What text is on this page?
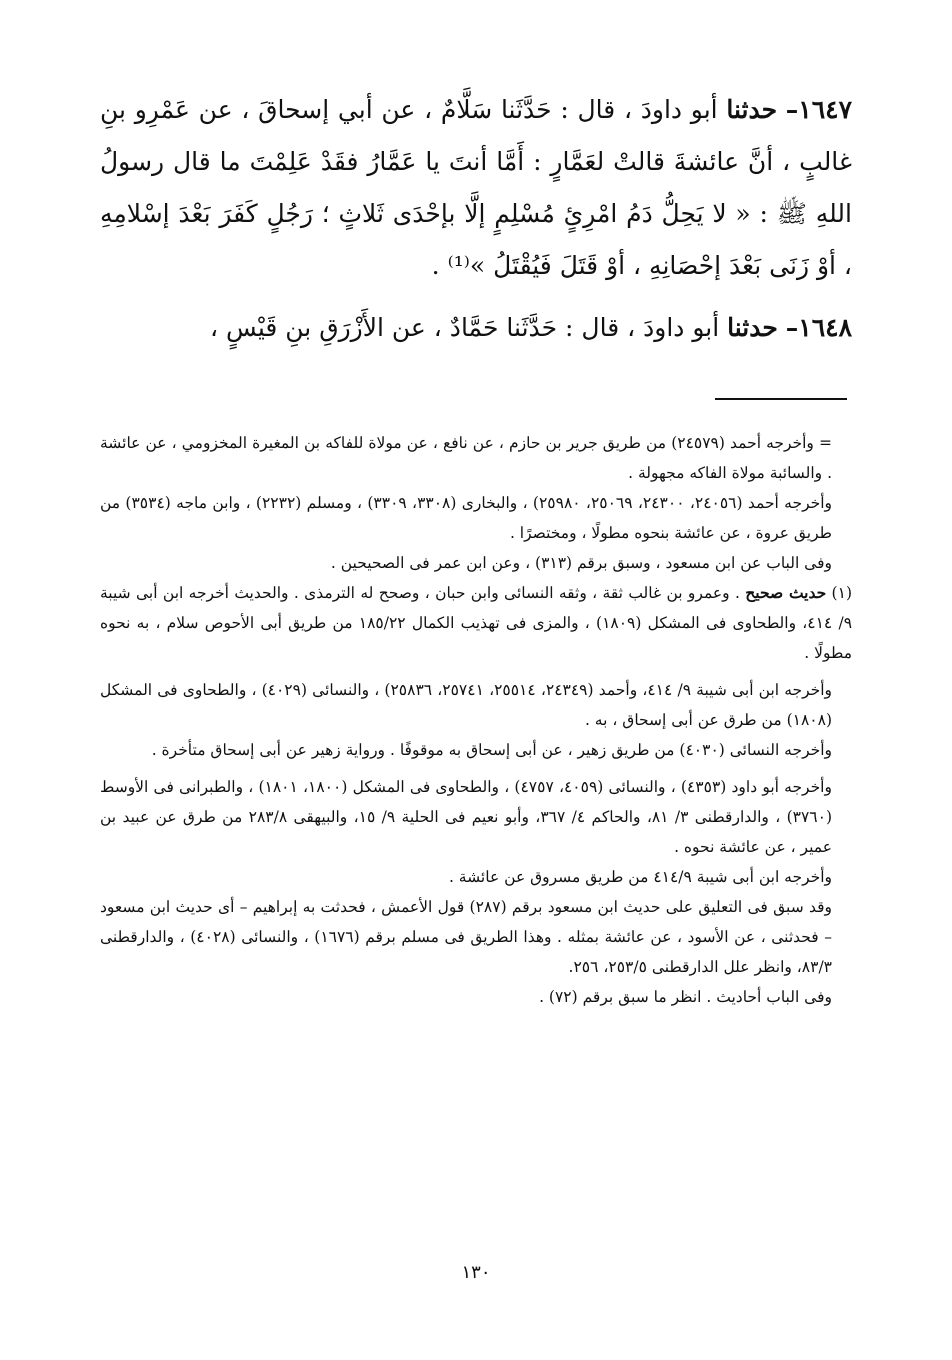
١٦٤٧– حدثنا أبو داودَ ، قال : حَدَّثَنا سَلَّامٌ ، عن أبي إسحاقَ ، عن عَمْرِو بنِ غالبٍ ، أنَّ عائشةَ قالتْ لعَمَّارٍ : أَمَّا أنتَ يا عَمَّارُ فقَدْ عَلِمْتَ ما قال رسولُ اللهِ ﷺ : « لا يَحِلُّ دَمُ امْرِئٍ مُسْلِمٍ إلَّا بإحْدَى ثَلاثٍ ؛ رَجُلٍ كَفَرَ بَعْدَ إسْلامِهِ ، أوْ زَنَى بَعْدَ إحْصَانِهِ ، أوْ قَتَلَ فَيُقْتَلُ »⁽¹⁾ .

١٦٤٨– حدثنا أبو داودَ ، قال : حَدَّثَنا حَمَّادٌ ، عن الأَزْرَقِ بنِ قَيْسٍ ،

= وأخرجه أحمد (٢٤٥٧٩) من طريق جرير بن حازم ، عن نافع ، عن مولاة للفاكه بن المغيرة المخزومي ، عن عائشة . والسائبة مولاة الفاكه مجهولة .

وأخرجه أحمد (٢٤٠٥٦، ٢٤٣٠٠، ٢٥٠٦٩، ٢٥٩٨٠) ، والبخارى (٣٣٠٨، ٣٣٠٩) ، ومسلم (٢٢٣٢) ، وابن ماجه (٣٥٣٤) من طريق عروة ، عن عائشة بنحوه مطولًا ، ومختصرًا .

وفى الباب عن ابن مسعود ، وسبق برقم (٣١٣) ، وعن ابن عمر فى الصحيحين .

(١) حديث صحيح . وعمرو بن غالب ثقة ، وثقه النسائى وابن حبان ، وصحح له الترمذى . والحديث أخرجه ابن أبى شيبة ٩/ ٤١٤، والطحاوى فى المشكل (١٨٠٩) ، والمزى فى تهذيب الكمال ١٨٥/٢٢ من طريق أبى الأحوص سلام ، به نحوه مطولًا .

وأخرجه ابن أبى شيبة ٩/ ٤١٤، وأحمد (٢٤٣٤٩، ٢٥٥١٤، ٢٥٧٤١، ٢٥٨٣٦) ، والنسائى (٤٠٢٩) ، والطحاوى فى المشكل (١٨٠٨) من طرق عن أبى إسحاق ، به .

وأخرجه النسائى (٤٠٣٠) من طريق زهير ، عن أبى إسحاق به موقوفًا . ورواية زهير عن أبى إسحاق متأخرة .

وأخرجه أبو داود (٤٣٥٣) ، والنسائى (٤٠٥٩، ٤٧٥٧) ، والطحاوى فى المشكل (١٨٠٠، ١٨٠١) ، والطبرانى فى الأوسط (٣٧٦٠) ، والدارقطنى ٣/ ٨١، والحاكم ٤/ ٣٦٧، وأبو نعيم فى الحلية ٩/ ١٥، والبيهقى ٢٨٣/٨ من طرق عن عبيد بن عمير ، عن عائشة نحوه .

وأخرجه ابن أبى شيبة ٤١٤/٩ من طريق مسروق عن عائشة .

وقد سبق فى التعليق على حديث ابن مسعود برقم (٢٨٧) قول الأعمش ، فحدثت به إبراهيم – أى حديث ابن مسعود – فحدثنى ، عن الأسود ، عن عائشة بمثله . وهذا الطريق فى مسلم برقم (١٦٧٦) ، والنسائى (٤٠٢٨) ، والدارقطنى ٨٣/٣، وانظر علل الدارقطنى ٢٥٣/٥، ٢٥٦.

وفى الباب أحاديث . انظر ما سبق برقم (٧٢) .

١٣٠
